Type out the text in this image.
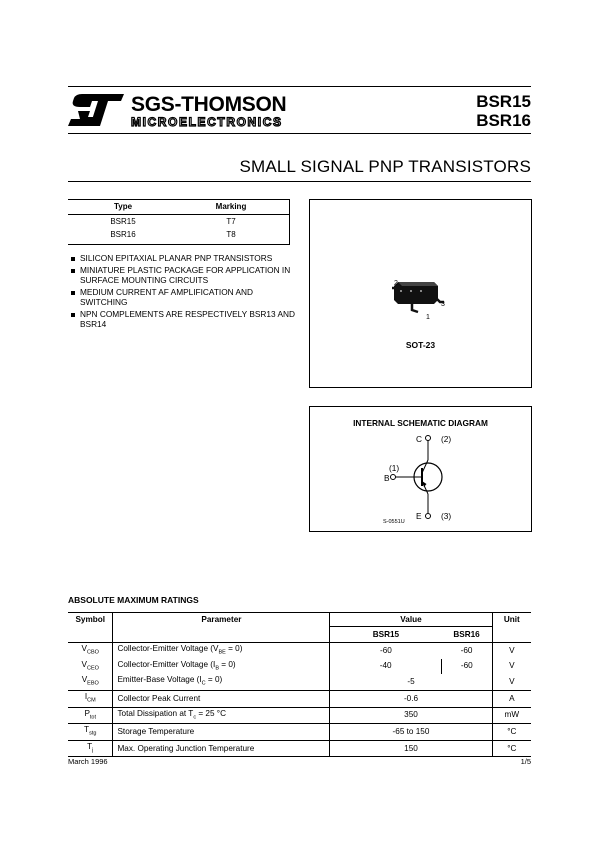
SGS-THOMSON
MICROELECTRONICS
BSR15
BSR16
SMALL SIGNAL PNP TRANSISTORS
Type	Marking
BSR15	T7
BSR16	T8
SILICON EPITAXIAL PLANAR PNP TRANSISTORS
MINIATURE PLASTIC PACKAGE FOR APPLICATION IN SURFACE MOUNTING CIRCUITS
MEDIUM CURRENT AF AMPLIFICATION AND SWITCHING
NPN COMPLEMENTS ARE RESPECTIVELY BSR13 AND BSR14
2
3
1
SOT-23
INTERNAL SCHEMATIC DIAGRAM
C (2)
(1)
B
E (3)
S-0551U
ABSOLUTE MAXIMUM RATINGS
Symbol	Parameter	Value		Unit
		BSR15	BSR16	
$V_{CBO}$	Collector-Emitter Voltage $(V_{BE} = 0)$	-60	-60	V
$V_{CEO}$	Collector-Emitter Voltage $(I_B = 0)$	-40	-60	V
$V_{EBO}$	Emitter-Base Voltage $(I_C = 0)$	-5		V
$I_{CM}$	Collector Peak Current	-0.6		A
$P_{tot}$	Total Dissipation at $T_c = 25$ °C	350		mW
$T_{stg}$	Storage Temperature	-65 to 150		°C
$T_j$	Max. Operating Junction Temperature	150		°C
March 1996	1/5
